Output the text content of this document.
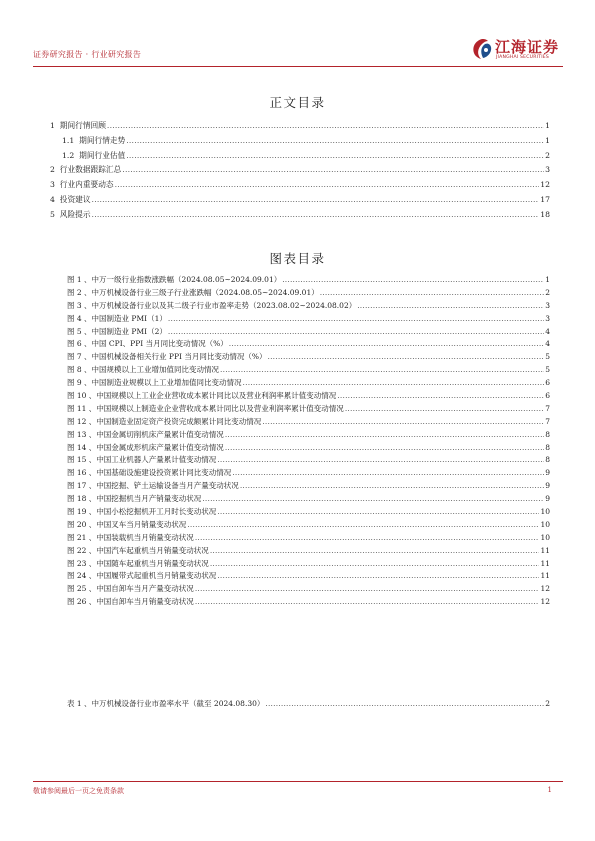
证券研究报告 · 行业研究报告	江海证券
JIANGHAI SECURITIES
正文目录
1 期间行情回顾 .....	1
1.1 期间行情走势 .....	1
1.2 期间行业估值 .....	2
2 行业数据跟踪汇总 .....	3
3 行业内重要动态 .....	12
4 投资建议 .....	17
5 风险提示 .....	18
图表目录
图 1 、 中万一级行业指数涨跌幅（2024.08.05~2024.09.01） .....	1
图 2 、 中万机械设备行业三级子行业涨跌幅（2024.08.05~2024.09.01） .....	2
图 3 、 中万机械设备行业以及其二级子行业市盈率走势（2023.08.02~2024.08.02） .....	3
图 4 、 中国制造业 PMI（1） .....	3
图 5 、 中国制造业 PMI（2） .....	4
图 6 、 中国 CPI、PPI 当月同比变动情况（%） .....	4
图 7 、 中国机械设备相关行业 PPI 当月同比变动情况（%） .....	5
图 8 、 中国规模以上工业增加值同比变动情况 .....	5
图 9 、 中国制造业规模以上工业增加值同比变动情况 .....	6
图 10 、 中国规模以上工业企业营收成本累计同比以及营业利润率累计值变动情况 .....	6
图 11 、 中国规模以上制造业企业营收成本累计同比以及营业利润率累计值变动情况 .....	7
图 12 、 中国制造业固定资产投资完成额累计同比变动情况 .....	7
图 13 、 中国金属切削机床产量累计值变动情况 .....	8
图 14 、 中国金属成形机床产量累计值变动情况 .....	8
图 15 、 中国工业机器人产量累计值变动情况 .....	8
图 16 、 中国基础设施建设投资累计同比变动情况 .....	9
图 17 、 中国挖掘、铲土运输设备当月产量变动状况 .....	9
图 18 、 中国挖掘机当月产销量变动状况 .....	9
图 19 、 中国小松挖掘机开工月时长变动状况 .....	10
图 20 、 中国叉车当月销量变动状况 .....	10
图 21 、 中国装载机当月销量变动状况 .....	10
图 22 、 中国汽车起重机当月销量变动状况 .....	11
图 23 、 中国随车起重机当月销量变动状况 .....	11
图 24 、 中国履带式起重机当月销量变动状况 .....	11
图 25 、 中国自卸车当月产量变动状况 .....	12
图 26 、 中国自卸车当月销量变动状况 .....	12
表 1 、 中万机械设备行业市盈率水平（截至 2024.08.30） .....	2
敬请参阅最后一页之免责条款	1
